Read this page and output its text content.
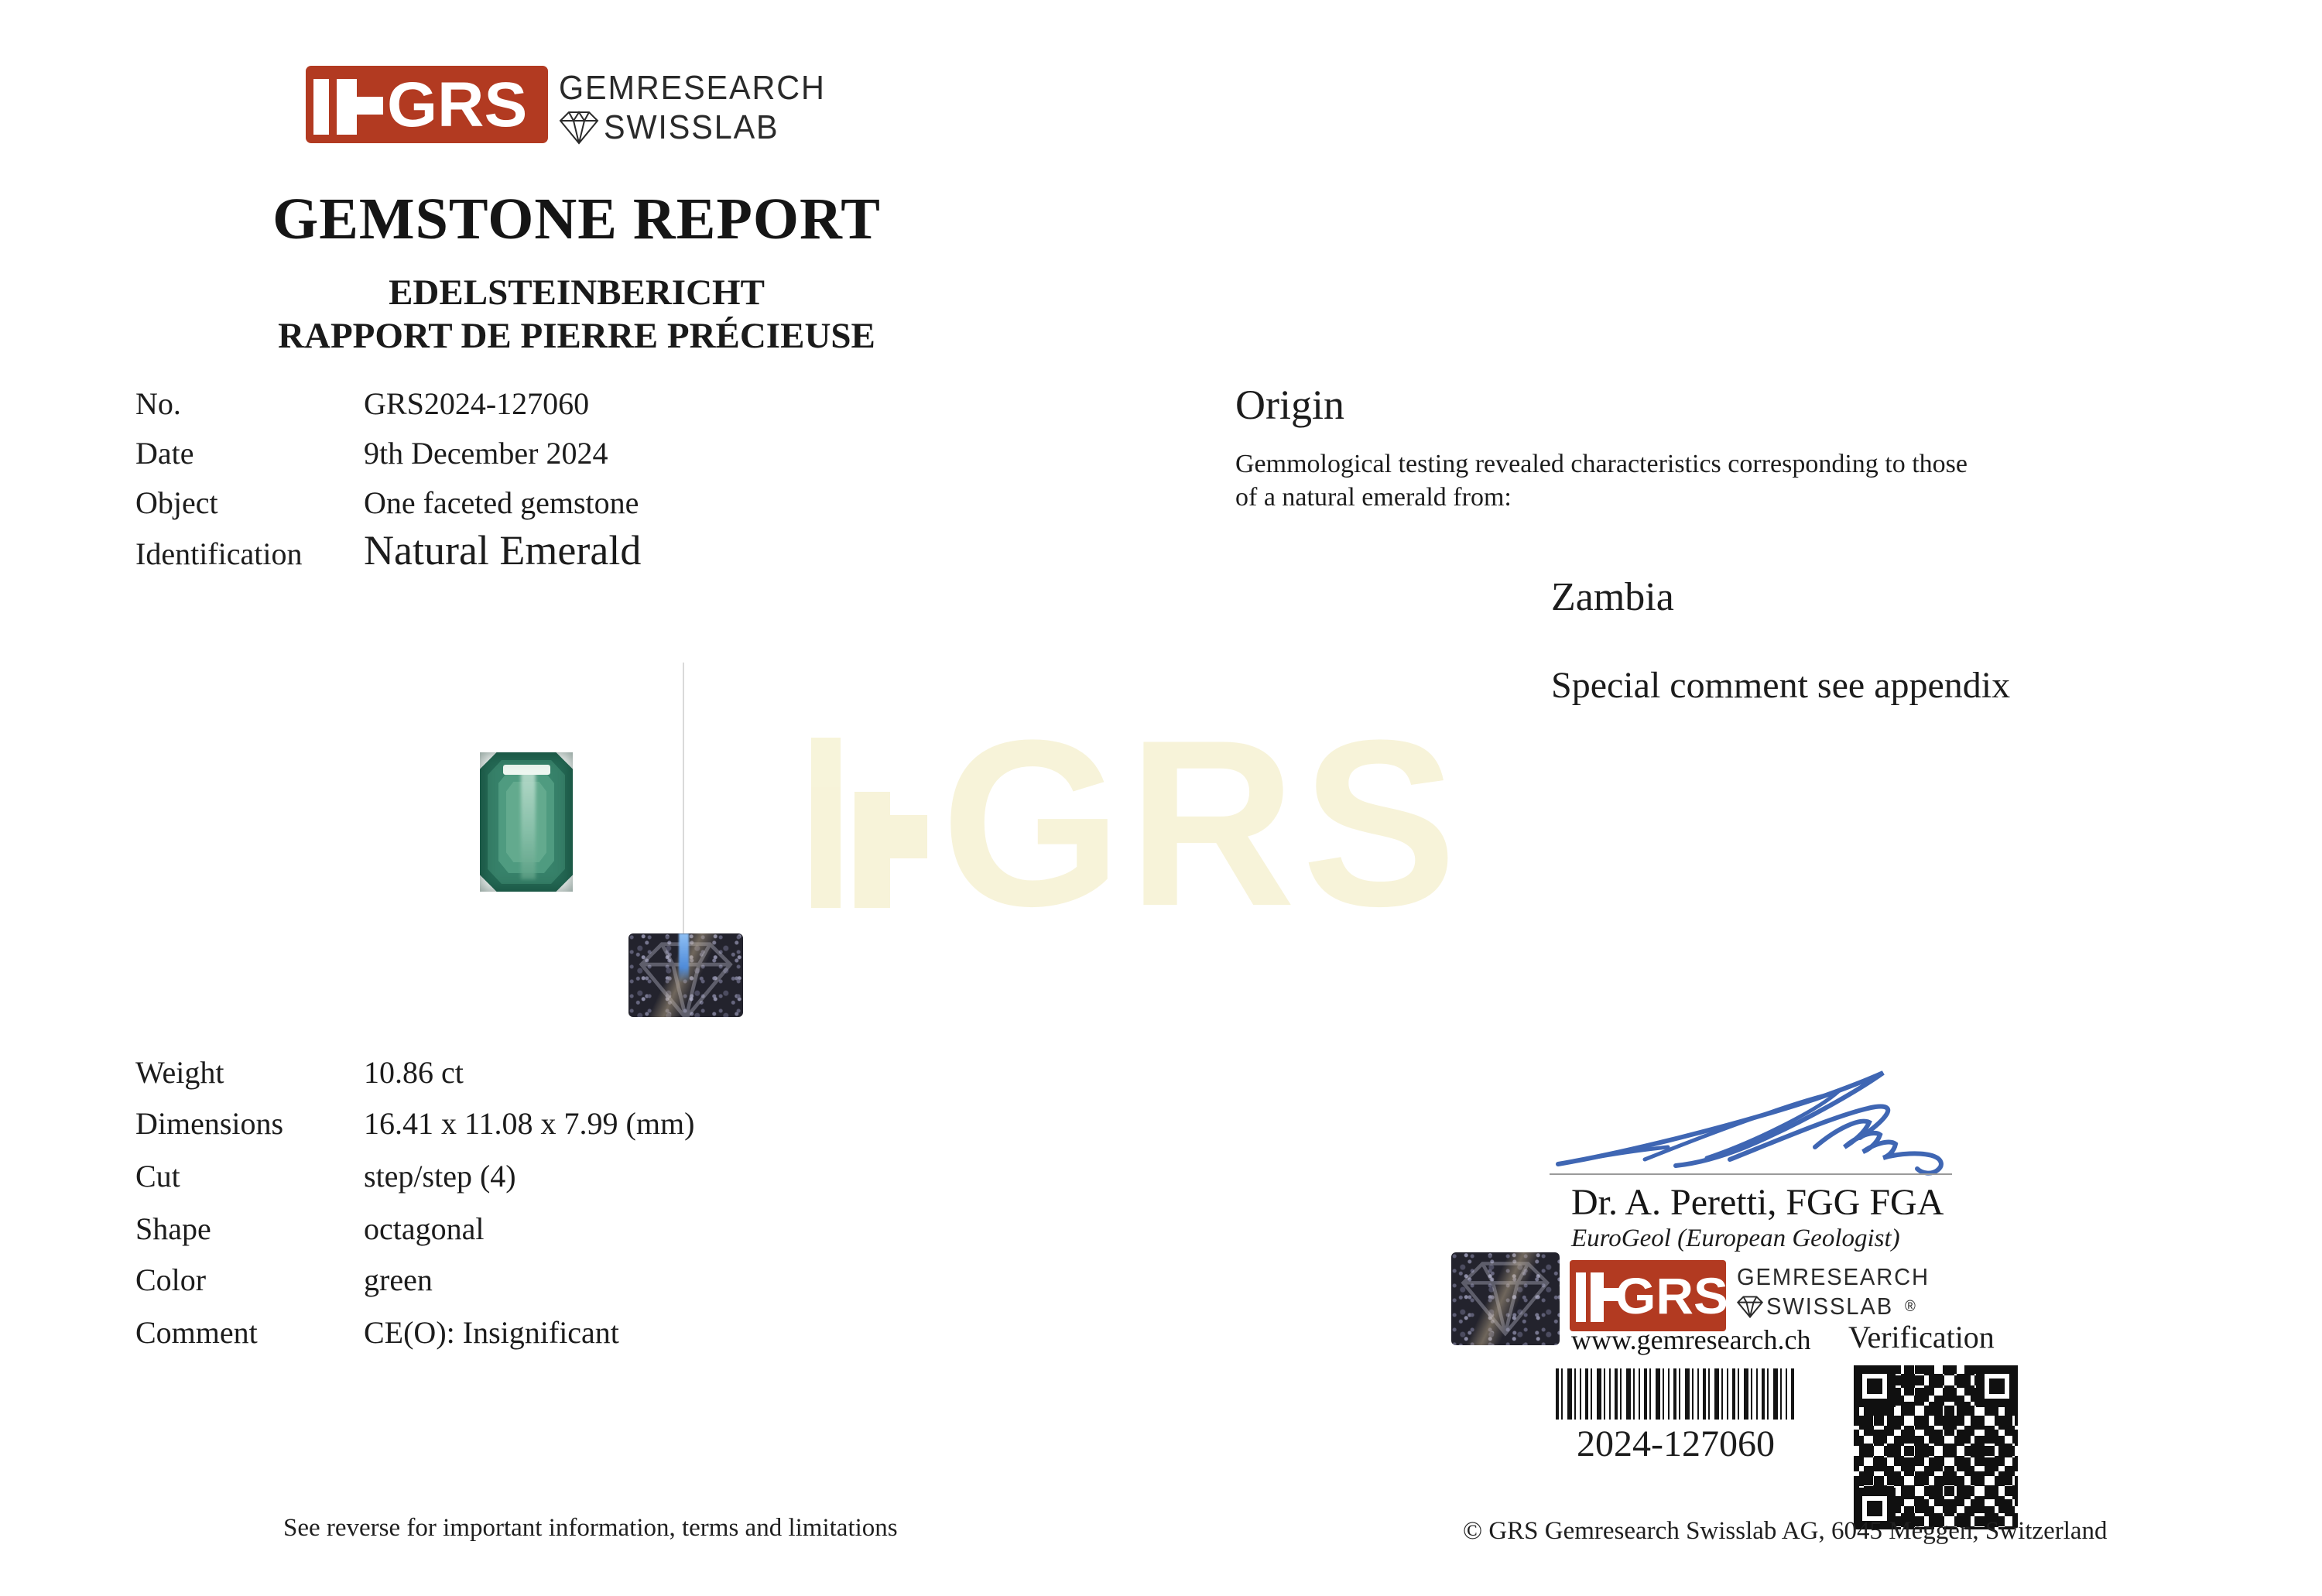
GRS GEMRESEARCH
SWISSLAB
GEMSTONE REPORT
EDELSTEINBERICHT
RAPPORT DE PIERRE PRÉCIEUSE
No.	GRS2024-127060
Date	9th December 2024
Object	One faceted gemstone
Identification Natural Emerald
Origin
Gemmological testing revealed characteristics corresponding to those
of a natural emerald from:
Zambia
Special comment see appendix
GRS
Weight	10.86 ct
Dimensions	16.41 x 11.08 x 7.99 (mm)
Cut	step/step (4)
Shape	octagonal
Color	green
Comment	CE(O): Insignificant
Dr. A. Peretti, FGG FGA
EuroGeol (European Geologist)
GRS GEMRESEARCH
SWISSLAB ®
www.gemresearch.ch Verification
2024-127060
See reverse for important information, terms and limitations	© GRS Gemresearch Swisslab AG, 6045 Meggen, Switzerland
